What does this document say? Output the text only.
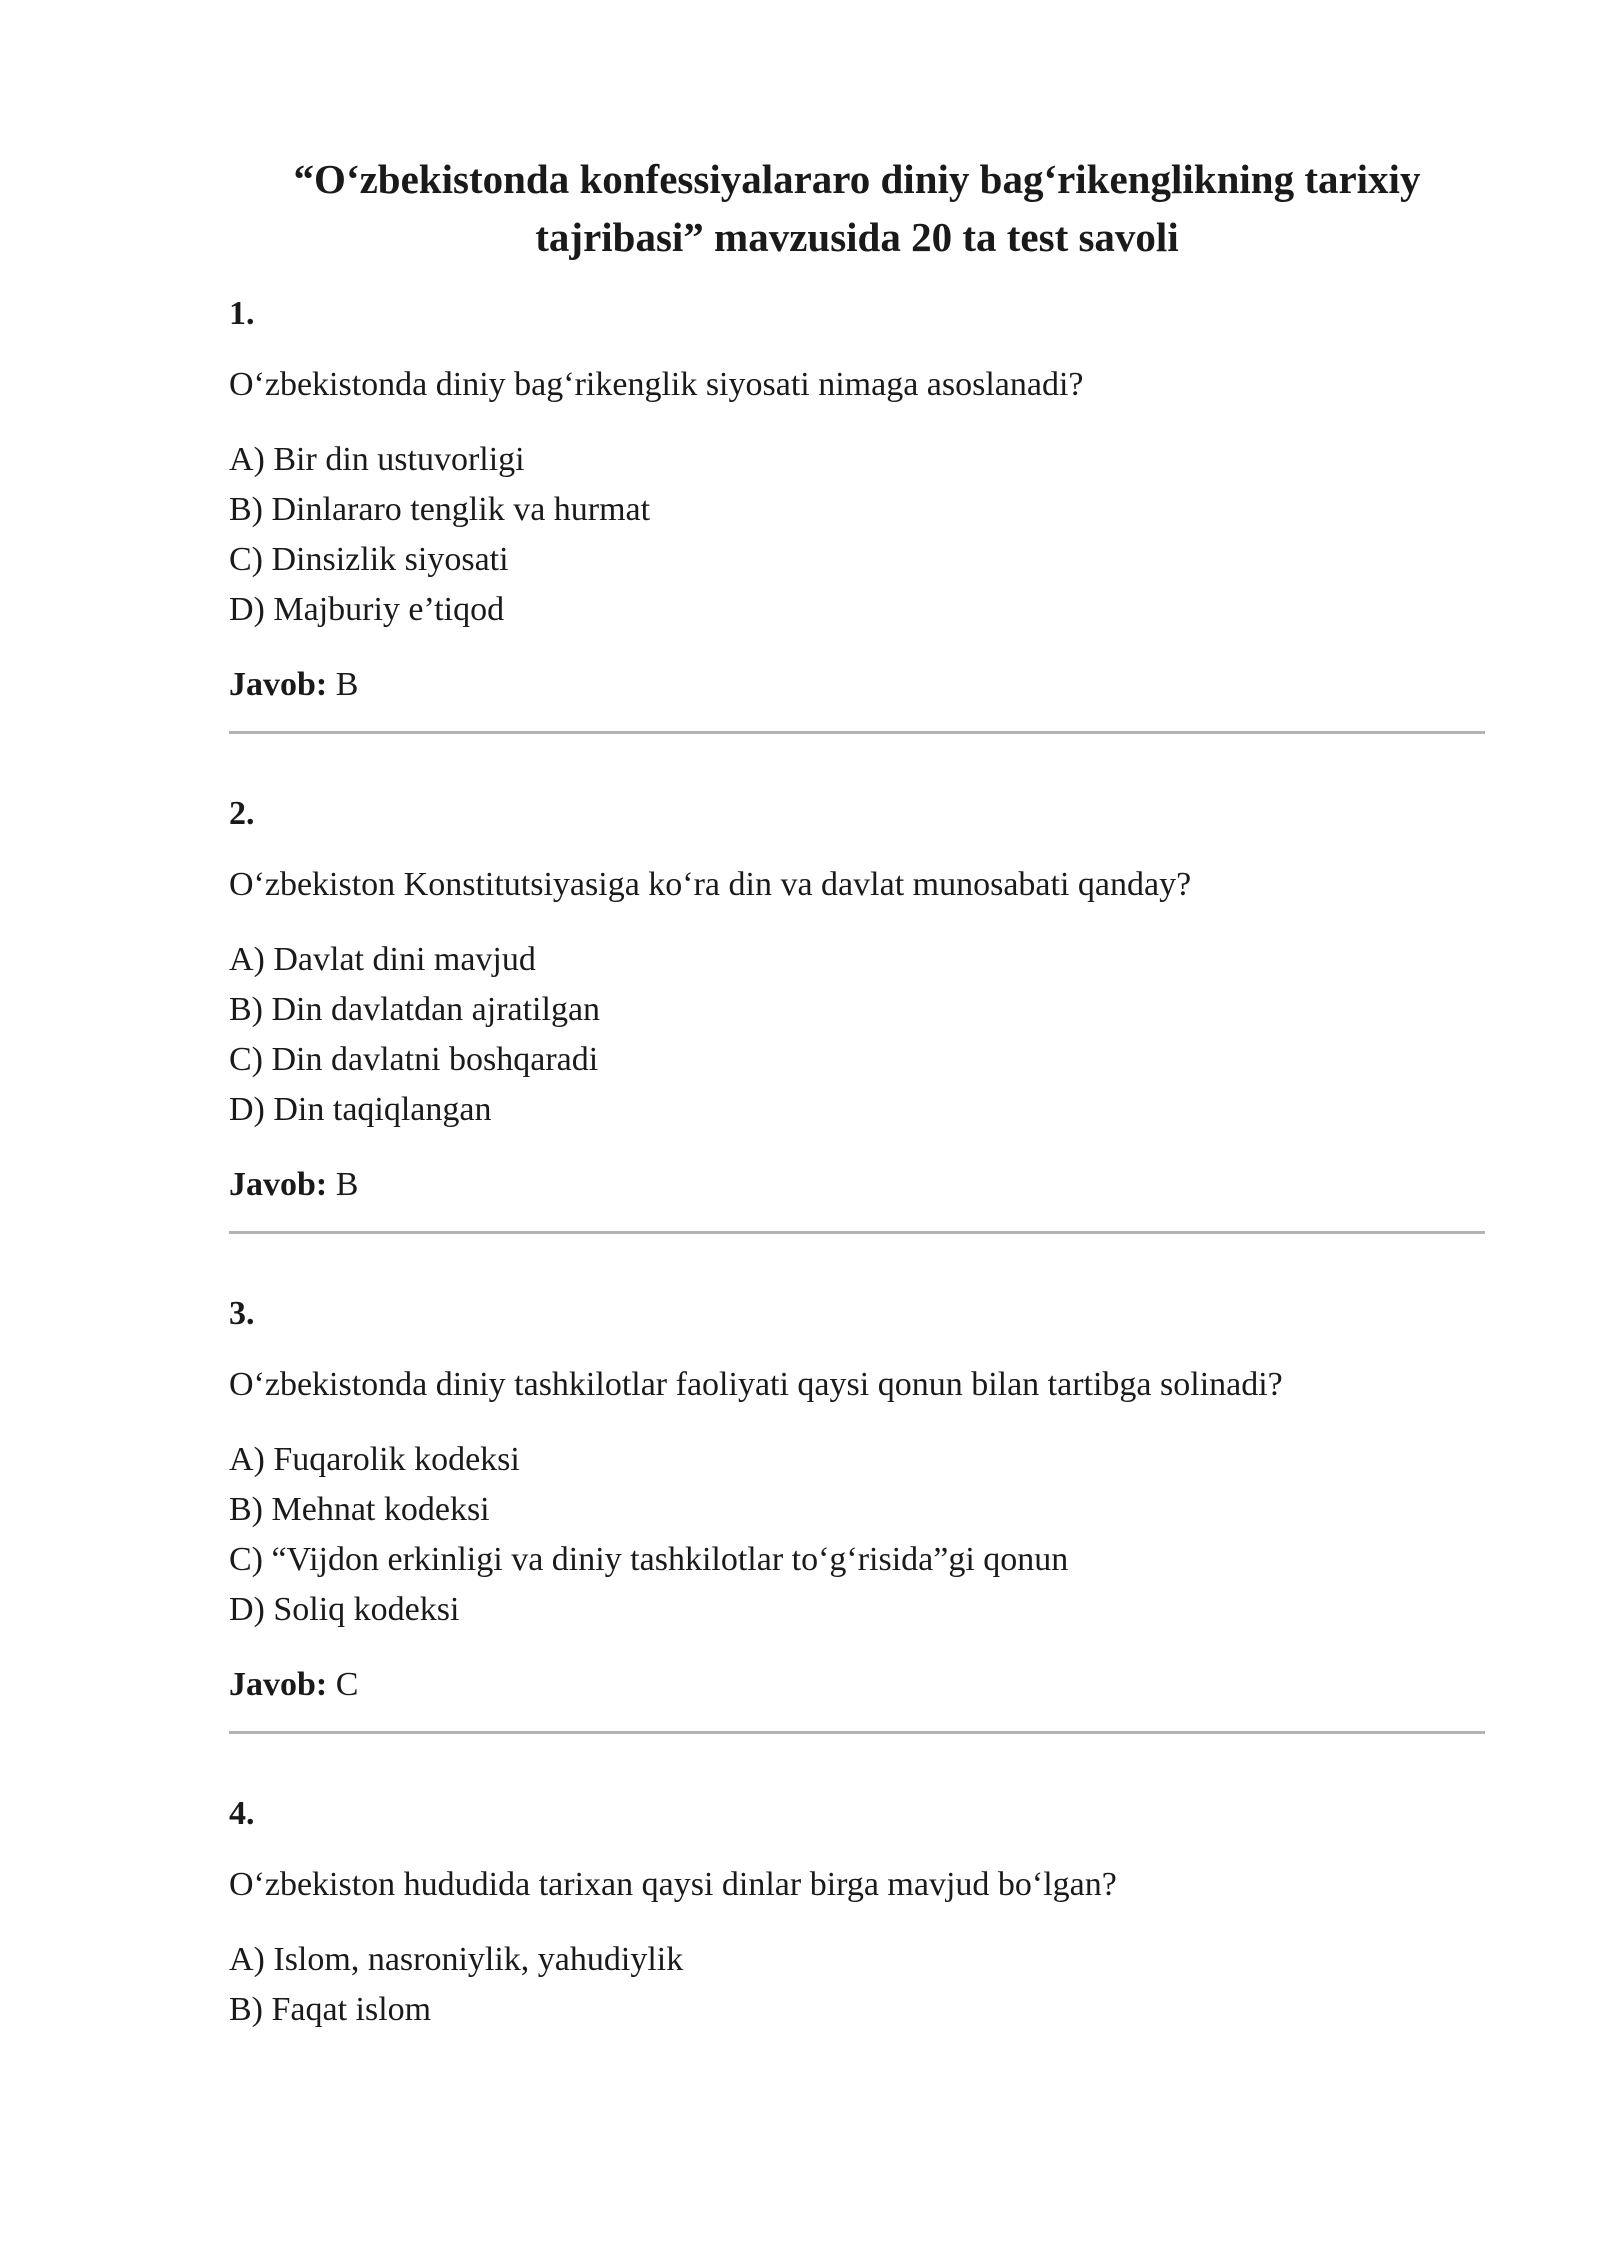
“O‘zbekistonda konfessiyalararo diniy bag‘rikenglikning tarixiy
tajribasi” mavzusida 20 ta test savoli
1.
O‘zbekistonda diniy bag‘rikenglik siyosati nimaga asoslanadi?
A) Bir din ustuvorligi
B) Dinlararo tenglik va hurmat
C) Dinsizlik siyosati
D) Majburiy e’tiqod
Javob: B
2.
O‘zbekiston Konstitutsiyasiga ko‘ra din va davlat munosabati qanday?
A) Davlat dini mavjud
B) Din davlatdan ajratilgan
C) Din davlatni boshqaradi
D) Din taqiqlangan
Javob: B
3.
O‘zbekistonda diniy tashkilotlar faoliyati qaysi qonun bilan tartibga solinadi?
A) Fuqarolik kodeksi
B) Mehnat kodeksi
C) “Vijdon erkinligi va diniy tashkilotlar to‘g‘risida”gi qonun
D) Soliq kodeksi
Javob: C
4.
O‘zbekiston hududida tarixan qaysi dinlar birga mavjud bo‘lgan?
A) Islom, nasroniylik, yahudiylik
B) Faqat islom
